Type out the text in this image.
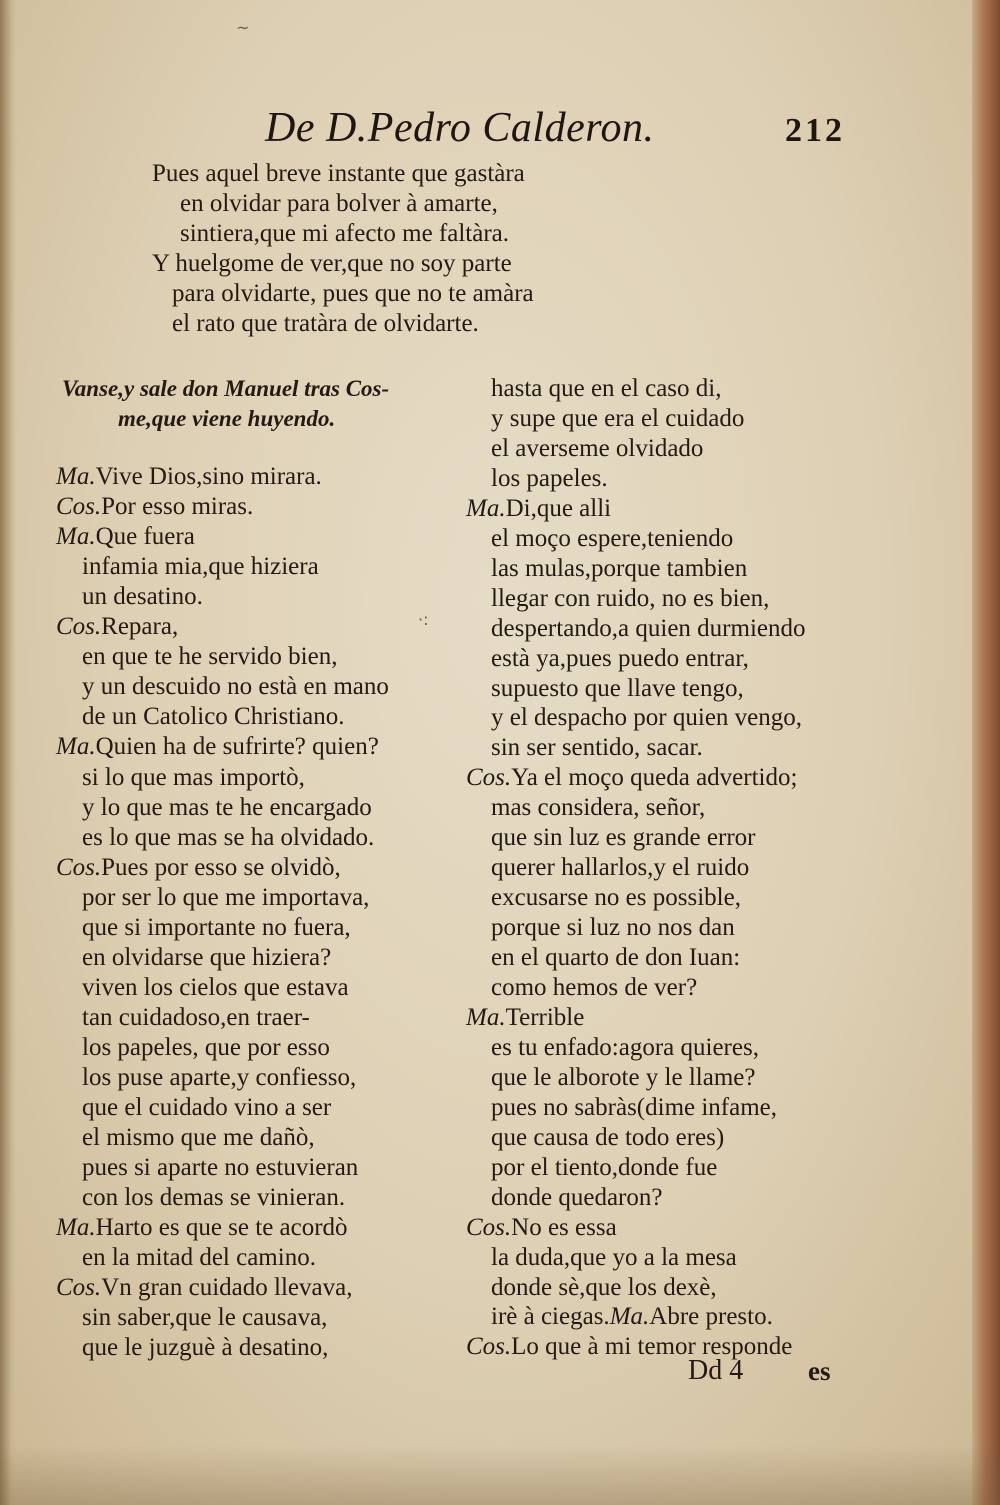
De D.Pedro Calderon.	212
Pues aquel breve instante que gastàra
en olvidar para bolver à amarte,
sintiera,que mi afecto me faltàra.
Y huelgome de ver,que no soy parte
para olvidarte, pues que no te amàra
el rato que tratàra de olvidarte.
Vanse,y sale don Manuel tras Cos-
me,que viene huyendo.
Ma.Vive Dios,sino mirara.
Cos.Por esso miras.
Ma.Que fuera
infamia mia,que hiziera
un desatino.
Cos.Repara,
en que te he servido bien,
y un descuido no està en mano
de un Catolico Christiano.
Ma.Quien ha de sufrirte? quien?
si lo que mas importò,
y lo que mas te he encargado
es lo que mas se ha olvidado.
Cos.Pues por esso se olvidò,
por ser lo que me importava,
que si importante no fuera,
en olvidarse que hiziera?
viven los cielos que estava
tan cuidadoso,en traer-
los papeles, que por esso
los puse aparte,y confiesso,
que el cuidado vino a ser
el mismo que me dañò,
pues si aparte no estuvieran
con los demas se vinieran.
Ma.Harto es que se te acordò
en la mitad del camino.
Cos.Vn gran cuidado llevava,
sin saber,que le causava,
que le juzguè à desatino,
hasta que en el caso di,
y supe que era el cuidado
el averseme olvidado
los papeles.
Ma.Di,que alli
el moço espere,teniendo
las mulas,porque tambien
llegar con ruido, no es bien,
despertando,a quien durmiendo
està ya,pues puedo entrar,
supuesto que llave tengo,
y el despacho por quien vengo,
sin ser sentido, sacar.
Cos.Ya el moço queda advertido;
mas considera, señor,
que sin luz es grande error
querer hallarlos,y el ruido
excusarse no es possible,
porque si luz no nos dan
en el quarto de don Iuan:
como hemos de ver?
Ma.Terrible
es tu enfado:agora quieres,
que le alborote y le llame?
pues no sabràs(dime infame,
que causa de todo eres)
por el tiento,donde fue
donde quedaron?
Cos.No es essa
la duda,que yo a la mesa
donde sè,que los dexè,
irè à ciegas.Ma.Abre presto.
Cos.Lo que à mi temor responde
Dd 4 es
~
·:
